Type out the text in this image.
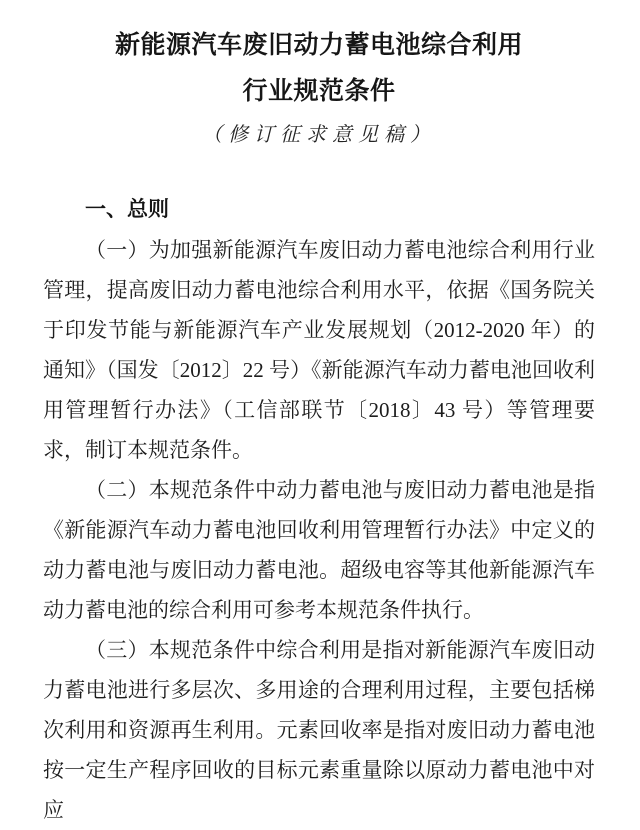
新能源汽车废旧动力蓄电池综合利用
行业规范条件
（修订征求意见稿）
一、总则

（一）为加强新能源汽车废旧动力蓄电池综合利用行业管理，提高废旧动力蓄电池综合利用水平，依据《国务院关于印发节能与新能源汽车产业发展规划（2012-2020 年）的通知》（国发〔2012〕22 号）《新能源汽车动力蓄电池回收利用管理暂行办法》（工信部联节〔2018〕43 号）等管理要求，制订本规范条件。

（二）本规范条件中动力蓄电池与废旧动力蓄电池是指《新能源汽车动力蓄电池回收利用管理暂行办法》中定义的动力蓄电池与废旧动力蓄电池。超级电容等其他新能源汽车动力蓄电池的综合利用可参考本规范条件执行。

（三）本规范条件中综合利用是指对新能源汽车废旧动力蓄电池进行多层次、多用途的合理利用过程，主要包括梯次利用和资源再生利用。元素回收率是指对废旧动力蓄电池按一定生产程序回收的目标元素重量除以原动力蓄电池中对应
